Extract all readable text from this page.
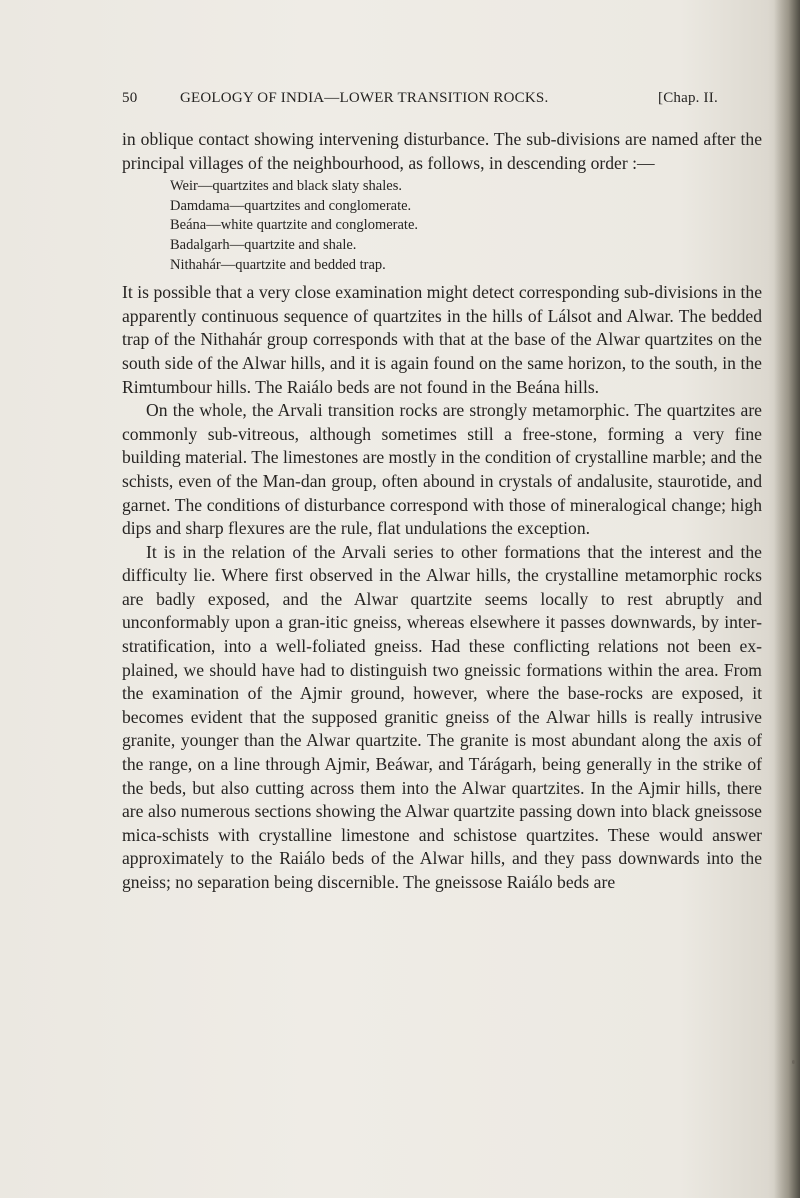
50	GEOLOGY OF INDIA—LOWER TRANSITION ROCKS.	[Chap. II.

in oblique contact showing intervening disturbance. The sub-divisions are named after the principal villages of the neighbourhood, as follows, in descending order :—

Weir—quartzites and black slaty shales.
Damdama—quartzites and conglomerate.
Beána—white quartzite and conglomerate.
Badalgarh—quartzite and shale.
Nithahár—quartzite and bedded trap.

It is possible that a very close examination might detect corresponding sub-divisions in the apparently continuous sequence of quartzites in the hills of Lálsot and Alwar. The bedded trap of the Nithahár group corresponds with that at the base of the Alwar quartzites on the south side of the Alwar hills, and it is again found on the same horizon, to the south, in the Rimtumbour hills. The Raiálo beds are not found in the Beána hills.

On the whole, the Arvali transition rocks are strongly metamorphic. The quartzites are commonly sub-vitreous, although sometimes still a free-stone, forming a very fine building material. The limestones are mostly in the condition of crystalline marble; and the schists, even of the Man-dan group, often abound in crystals of andalusite, staurotide, and garnet. The conditions of disturbance correspond with those of mineralogical change; high dips and sharp flexures are the rule, flat undulations the exception.

It is in the relation of the Arvali series to other formations that the interest and the difficulty lie. Where first observed in the Alwar hills, the crystalline metamorphic rocks are badly exposed, and the Alwar quartzite seems locally to rest abruptly and unconformably upon a gran-itic gneiss, whereas elsewhere it passes downwards, by inter-stratification, into a well-foliated gneiss. Had these conflicting relations not been ex-plained, we should have had to distinguish two gneissic formations within the area. From the examination of the Ajmir ground, however, where the base-rocks are exposed, it becomes evident that the supposed granitic gneiss of the Alwar hills is really intrusive granite, younger than the Alwar quartzite. The granite is most abundant along the axis of the range, on a line through Ajmir, Beáwar, and Tárágarh, being generally in the strike of the beds, but also cutting across them into the Alwar quartzites. In the Ajmir hills, there are also numerous sections showing the Alwar quartzite passing down into black gneissose mica-schists with crystalline limestone and schistose quartzites. These would answer approximately to the Raiálo beds of the Alwar hills, and they pass downwards into the gneiss; no separation being discernible. The gneissose Raiálo beds are
